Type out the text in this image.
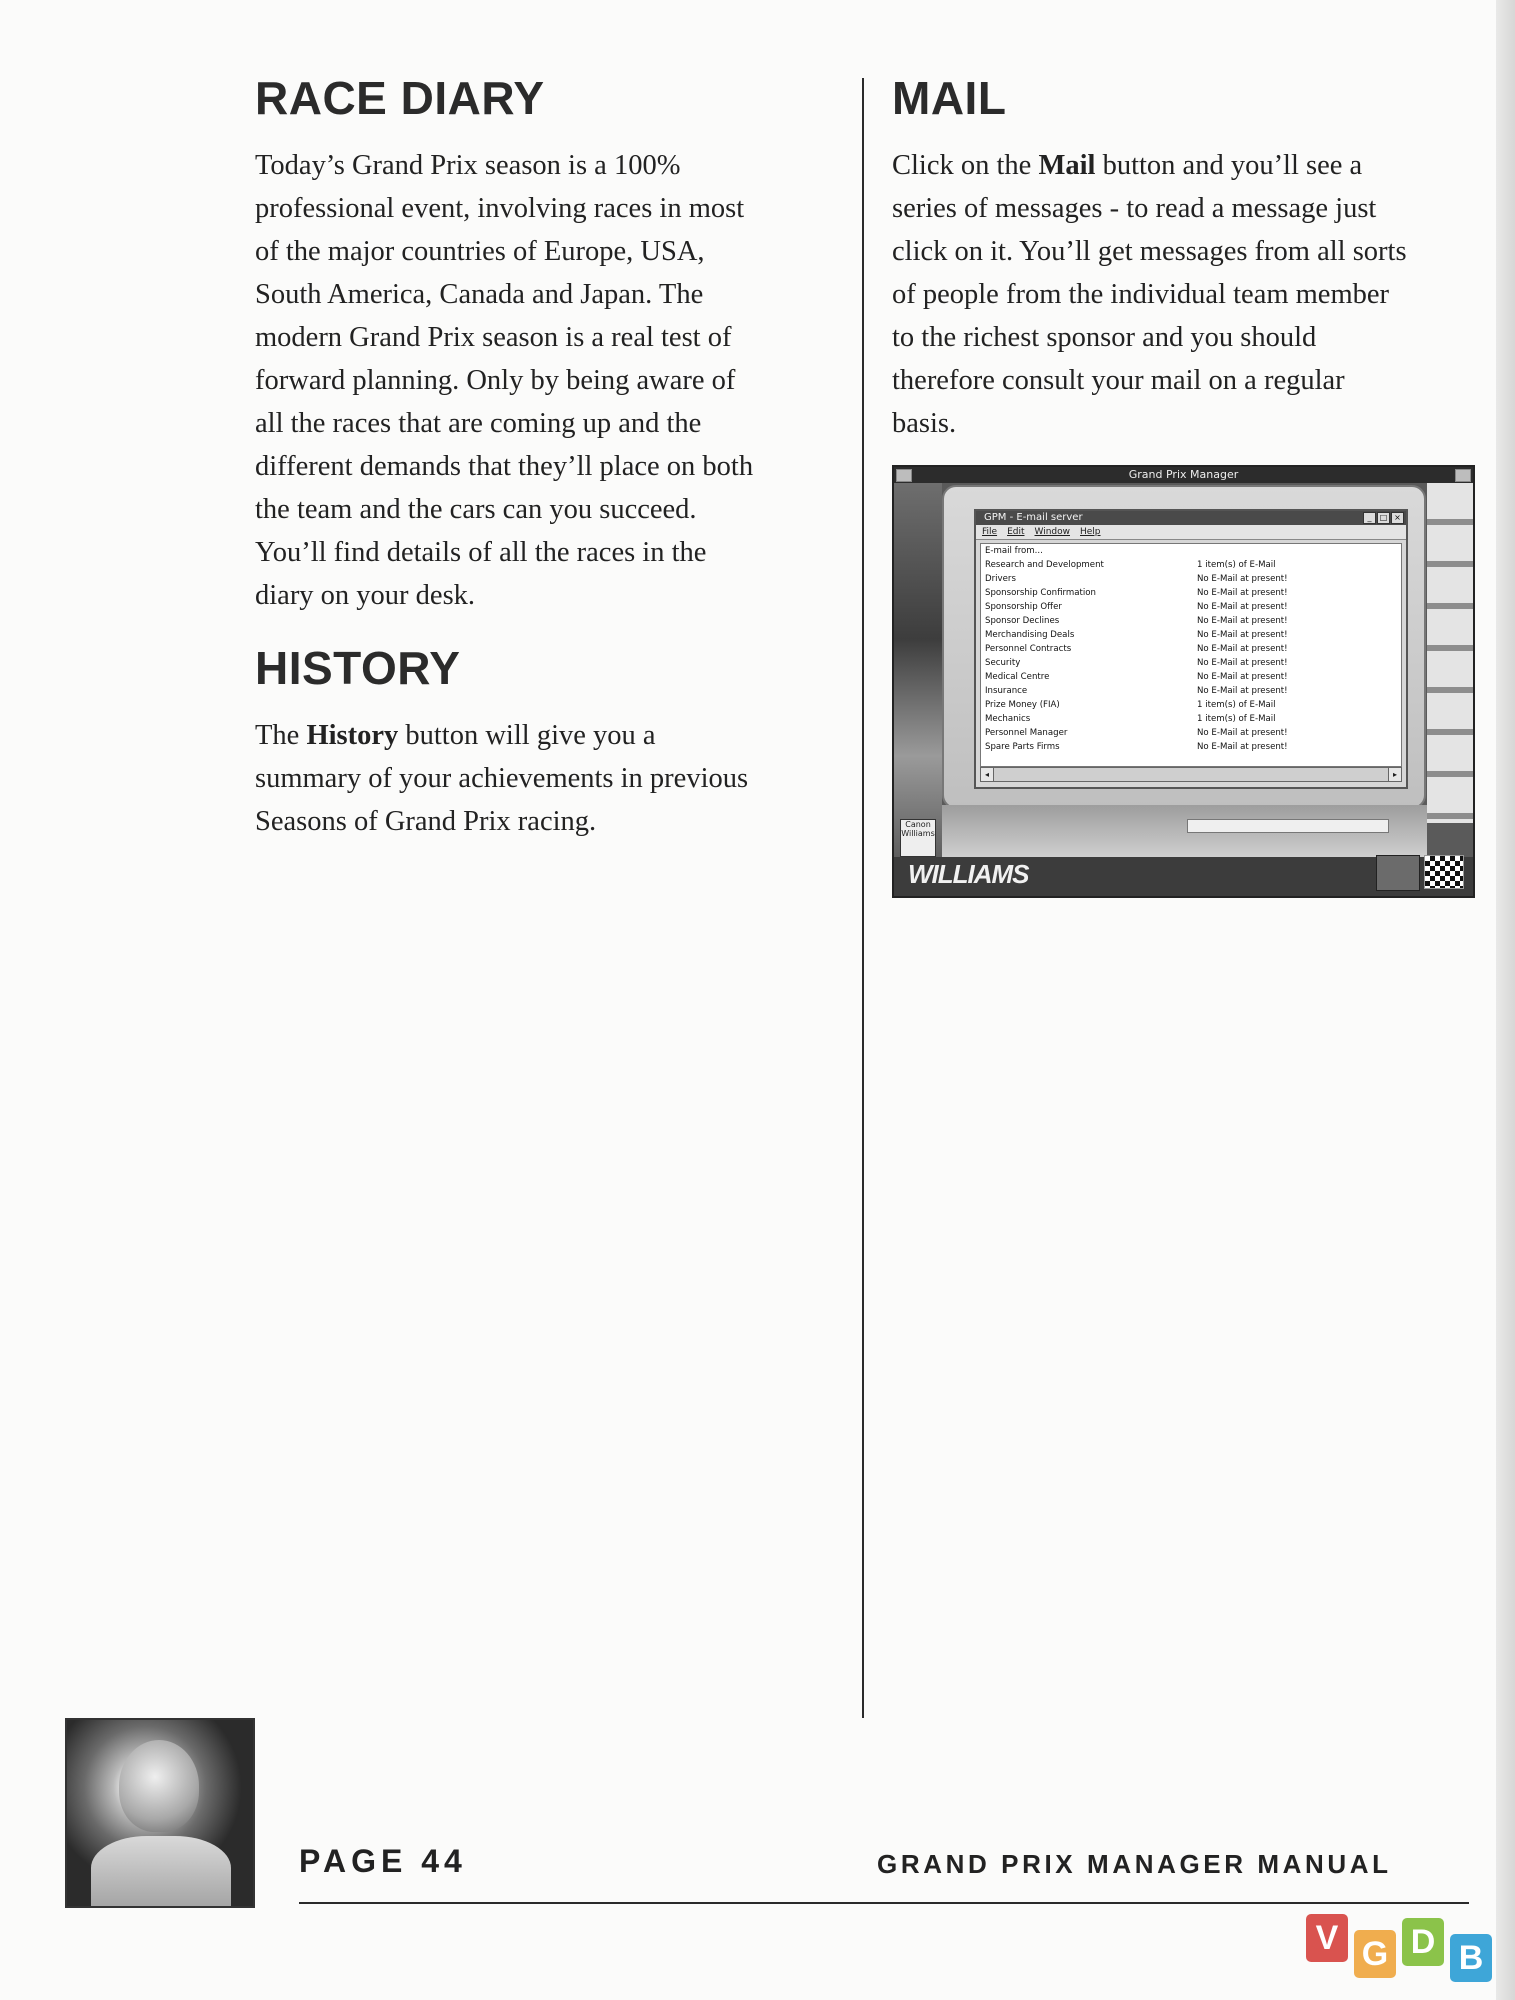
RACE DIARY
Today’s Grand Prix season is a 100%
professional event, involving races in most
of the major countries of Europe, USA,
South America, Canada and Japan. The
modern Grand Prix season is a real test of
forward planning. Only by being aware of
all the races that are coming up and the
different demands that they’ll place on both
the team and the cars can you succeed.
You’ll find details of all the races in the
diary on your desk.
HISTORY
The History button will give you a
summary of your achievements in previous
Seasons of Grand Prix racing.
MAIL
Click on the Mail button and you’ll see a
series of messages - to read a message just
click on it. You’ll get messages from all sorts
of people from the individual team member
to the richest sponsor and you should
therefore consult your mail on a regular
basis.
Grand Prix Manager
WILLIAMS
Canon Williams
GPM - E-mail server	_	□ ×
File Edit Window Help
E-mail from...
Research and Development	1 item(s) of E-Mail
Drivers	No E-Mail at present!
Sponsorship Confirmation	No E-Mail at present!
Sponsorship Offer	No E-Mail at present!
Sponsor Declines	No E-Mail at present!
Merchandising Deals	No E-Mail at present!
Personnel Contracts	No E-Mail at present!
Security	No E-Mail at present!
Medical Centre	No E-Mail at present!
Insurance	No E-Mail at present!
Prize Money (FIA)	1 item(s) of E-Mail
Mechanics	1 item(s) of E-Mail
Personnel Manager	No E-Mail at present!
Spare Parts Firms	No E-Mail at present!
◂	▸
PAGE 44	GRAND PRIX MANAGER MANUAL
V G D B
